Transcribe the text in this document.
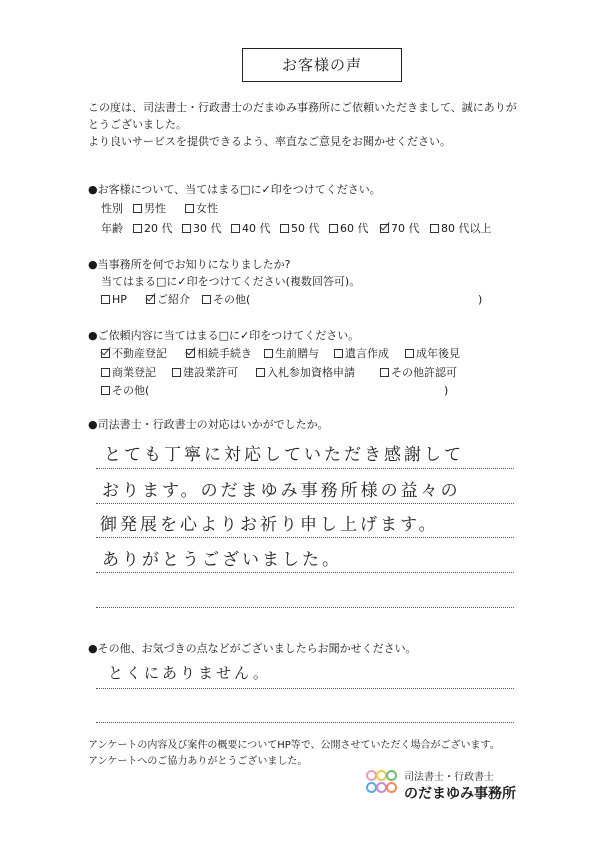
お客様の声
この度は、司法書士・行政書士のだまゆみ事務所にご依頼いただきまして、誠にありが
とうございました。
より良いサービスを提供できるよう、率直なご意見をお聞かせください。
●お客様について、当てはまる□に✓印をつけてください。
性別	男性	女性
年齢	20 代	30 代	40 代	50 代	60 代	70 代	80 代以上
●当事務所を何でお知りになりましたか?
当てはまる□に✓印をつけてください(複数回答可)。
HP	ご紹介	その他(	)
●ご依頼内容に当てはまる□に✓印をつけてください。
不動産登記	相続手続き	生前贈与	遺言作成	成年後見
商業登記	建設業許可	入札参加資格申請	その他許認可
その他(	)
●司法書士・行政書士の対応はいかがでしたか。
とても丁寧に対応していただき感謝して
おります。のだまゆみ事務所様の益々の
御発展を心よりお祈り申し上げます。
ありがとうございました。
●その他、お気づきの点などがございましたらお聞かせください。
とくにありません。
アンケートの内容及び案件の概要についてHP等で、公開させていただく場合がございます。
アンケートへのご協力ありがとうございました。
司法書士・行政書士
のだまゆみ事務所
